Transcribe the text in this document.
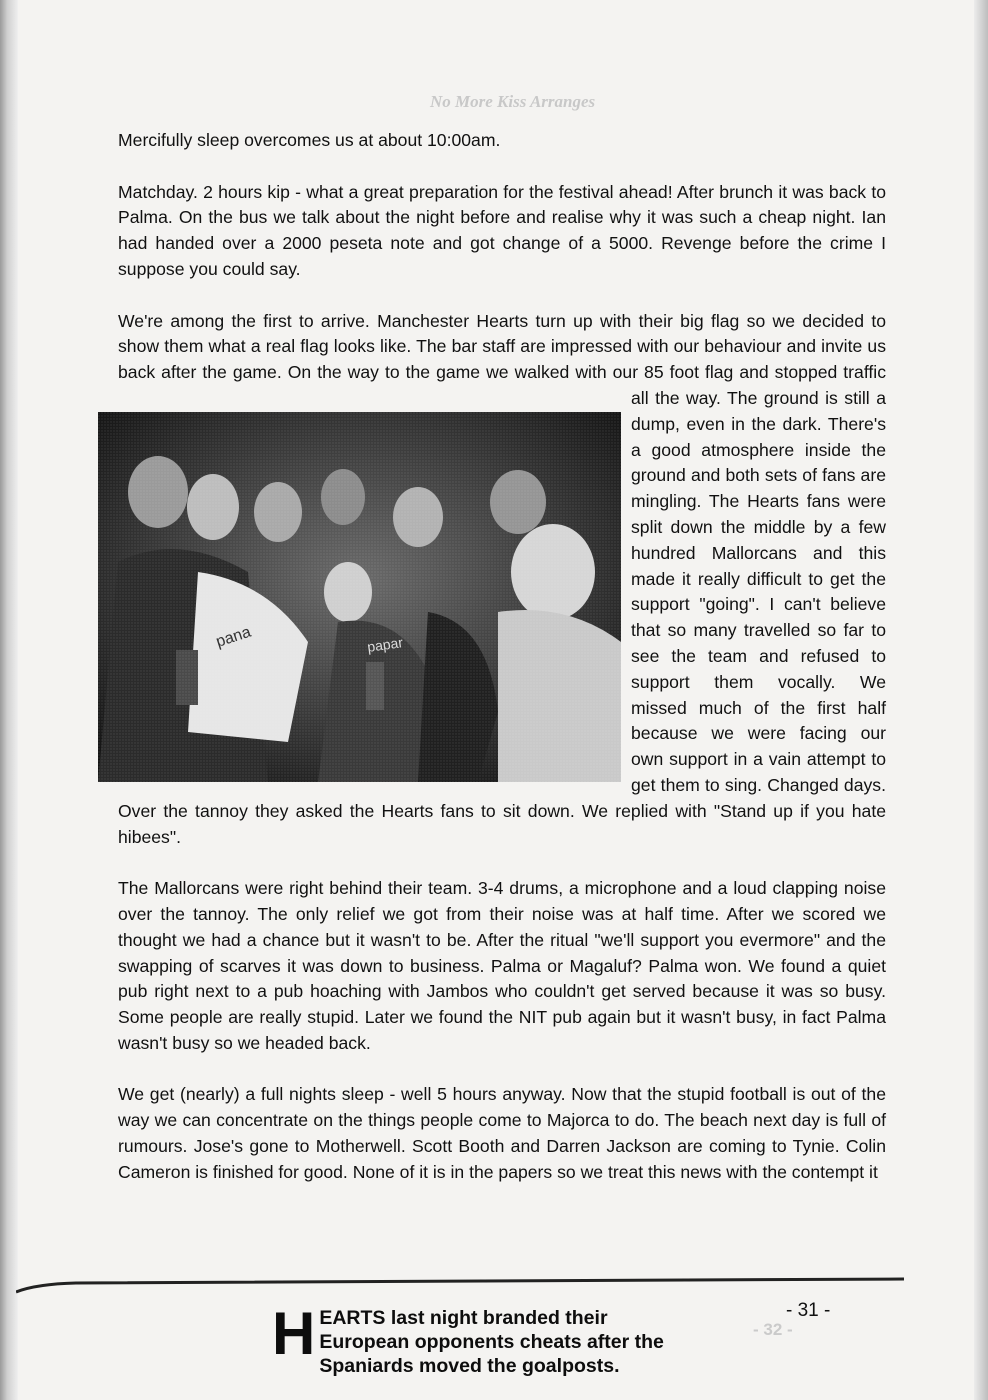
No More Kiss Arranges

Mercifully sleep overcomes us at about 10:00am.

Matchday. 2 hours kip - what a great preparation for the festival ahead! After brunch it was back to Palma. On the bus we talk about the night before and realise why it was such a cheap night. Ian had handed over a 2000 peseta note and got change of a 5000. Revenge before the crime I suppose you could say.

pana	papar
We're among the first to arrive. Manchester Hearts turn up with their big flag so we decided to show them what a real flag looks like. The bar staff are impressed with our behaviour and invite us back after the game. On the way to the game we walked with our 85 foot flag and stopped traffic all the way. The ground is still a dump, even in the dark. There's a good atmosphere inside the ground and both sets of fans are mingling. The Hearts fans were split down the middle by a few hundred Mallorcans and this made it really difficult to get the support "going". I can't believe that so many travelled so far to see the team and refused to support them vocally. We missed much of the first half because we were facing our own support in a vain attempt to get them to sing. Changed days. Over the tannoy they asked the Hearts fans to sit down. We replied with "Stand up if you hate hibees".

The Mallorcans were right behind their team. 3-4 drums, a microphone and a loud clapping noise over the tannoy. The only relief we got from their noise was at half time. After we scored we thought we had a chance but it wasn't to be. After the ritual "we'll support you evermore" and the swapping of scarves it was down to business. Palma or Magaluf? Palma won. We found a quiet pub right next to a pub hoaching with Jambos who couldn't get served because it was so busy. Some people are really stupid. Later we found the NIT pub again but it wasn't busy, in fact Palma wasn't busy so we headed back.

We get (nearly) a full nights sleep - well 5 hours anyway. Now that the stupid football is out of the way we can concentrate on the things people come to Majorca to do. The beach next day is full of rumours. Jose's gone to Motherwell. Scott Booth and Darren Jackson are coming to Tynie. Colin Cameron is finished for good. None of it is in the papers so we treat this news with the contempt it

H EARTS last night branded their European opponents cheats after the Spaniards moved the goalposts.
- 32 -
- 31 -
